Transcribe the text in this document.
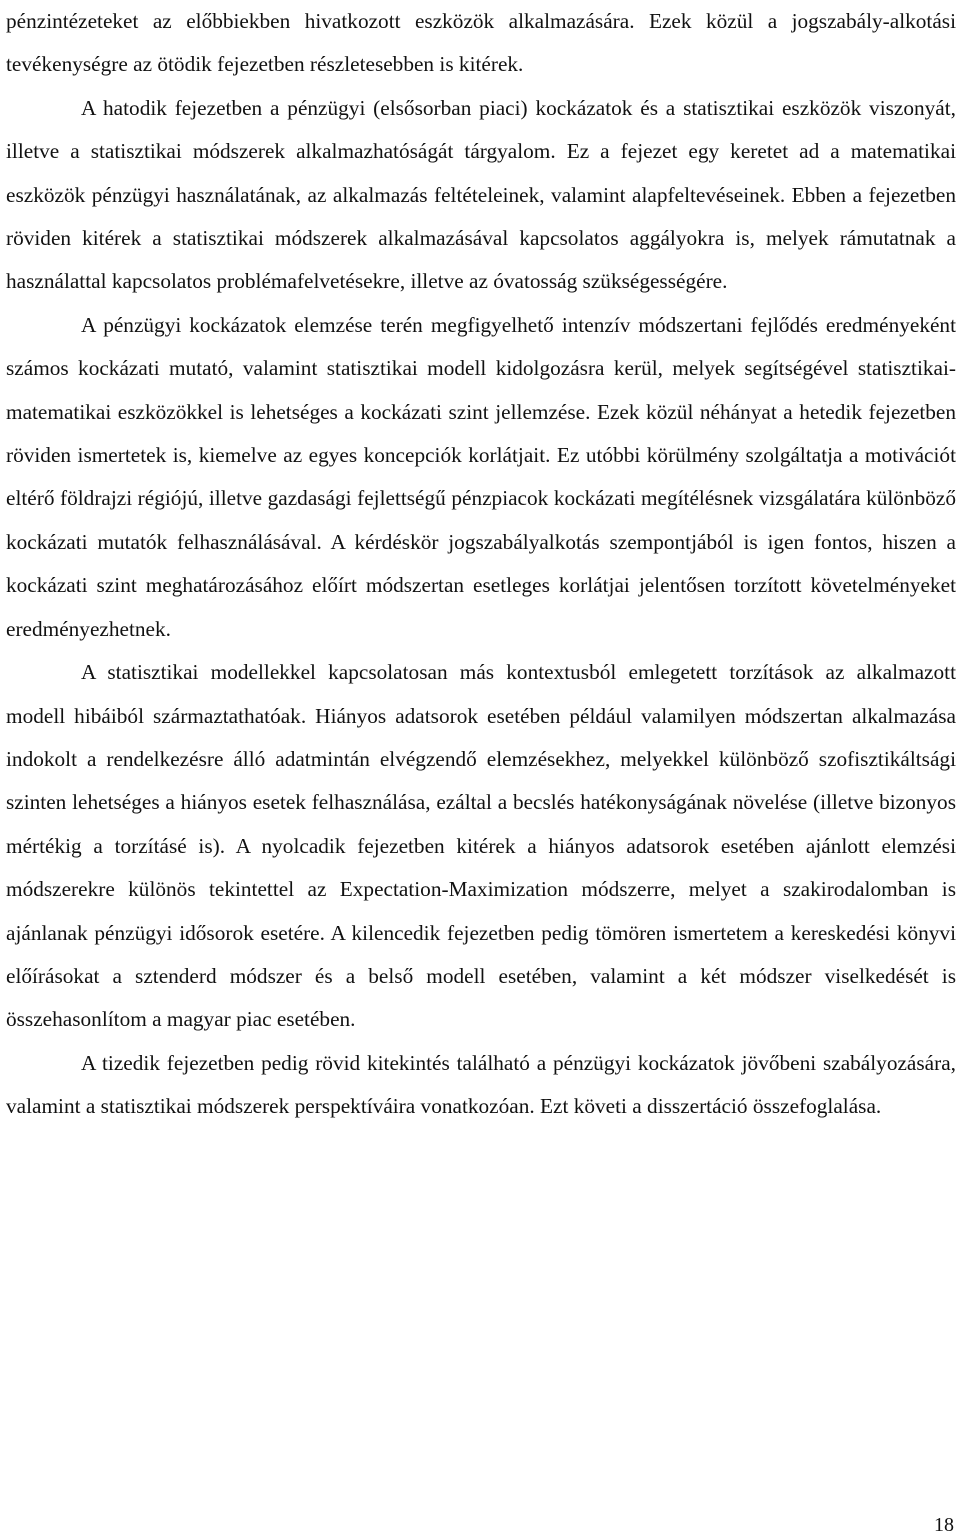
pénzintézeteket az előbbiekben hivatkozott eszközök alkalmazására. Ezek közül a jogszabály-alkotási tevékenységre az ötödik fejezetben részletesebben is kitérek.

A hatodik fejezetben a pénzügyi (elsősorban piaci) kockázatok és a statisztikai eszközök viszonyát, illetve a statisztikai módszerek alkalmazhatóságát tárgyalom. Ez a fejezet egy keretet ad a matematikai eszközök pénzügyi használatának, az alkalmazás feltételeinek, valamint alapfeltevéseinek. Ebben a fejezetben röviden kitérek a statisztikai módszerek alkalmazásával kapcsolatos aggályokra is, melyek rámutatnak a használattal kapcsolatos problémafelvetésekre, illetve az óvatosság szükségességére.

A pénzügyi kockázatok elemzése terén megfigyelhető intenzív módszertani fejlődés eredményeként számos kockázati mutató, valamint statisztikai modell kidolgozásra kerül, melyek segítségével statisztikai-matematikai eszközökkel is lehetséges a kockázati szint jellemzése. Ezek közül néhányat a hetedik fejezetben röviden ismertetek is, kiemelve az egyes koncepciók korlátjait. Ez utóbbi körülmény szolgáltatja a motivációt eltérő földrajzi régiójú, illetve gazdasági fejlettségű pénzpiacok kockázati megítélésnek vizsgálatára különböző kockázati mutatók felhasználásával. A kérdéskör jogszabályalkotás szempontjából is igen fontos, hiszen a kockázati szint meghatározásához előírt módszertan esetleges korlátjai jelentősen torzított követelményeket eredményezhetnek.

A statisztikai modellekkel kapcsolatosan más kontextusból emlegetett torzítások az alkalmazott modell hibáiból származtathatóak. Hiányos adatsorok esetében például valamilyen módszertan alkalmazása indokolt a rendelkezésre álló adatmintán elvégzendő elemzésekhez, melyekkel különböző szofisztikáltsági szinten lehetséges a hiányos esetek felhasználása, ezáltal a becslés hatékonyságának növelése (illetve bizonyos mértékig a torzításé is). A nyolcadik fejezetben kitérek a hiányos adatsorok esetében ajánlott elemzési módszerekre különös tekintettel az Expectation-Maximization módszerre, melyet a szakirodalomban is ajánlanak pénzügyi idősorok esetére. A kilencedik fejezetben pedig tömören ismertetem a kereskedési könyvi előírásokat a sztenderd módszer és a belső modell esetében, valamint a két módszer viselkedését is összehasonlítom a magyar piac esetében.

A tizedik fejezetben pedig rövid kitekintés található a pénzügyi kockázatok jövőbeni szabályozására, valamint a statisztikai módszerek perspektíváira vonatkozóan. Ezt követi a disszertáció összefoglalása.

18
